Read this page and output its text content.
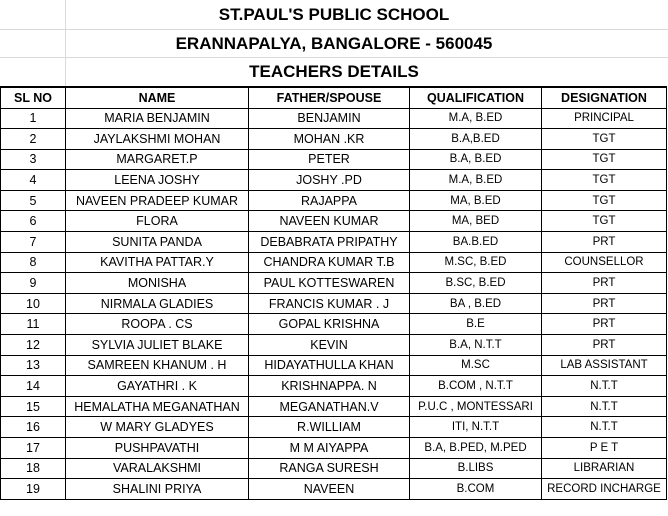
ST.PAUL'S PUBLIC SCHOOL
ERANNAPALYA, BANGALORE - 560045
TEACHERS DETAILS
SL NO	NAME	FATHER/SPOUSE	QUALIFICATION	DESIGNATION
1	MARIA BENJAMIN	BENJAMIN	M.A, B.ED	PRINCIPAL
2	JAYLAKSHMI MOHAN	MOHAN .KR	B.A,B.ED	TGT
3	MARGARET.P	PETER	B.A, B.ED	TGT
4	LEENA JOSHY	JOSHY .PD	M.A, B.ED	TGT
5	NAVEEN PRADEEP KUMAR	RAJAPPA	MA, B.ED	TGT
6	FLORA	NAVEEN KUMAR	MA, BED	TGT
7	SUNITA PANDA	DEBABRATA PRIPATHY	BA.B.ED	PRT
8	KAVITHA PATTAR.Y	CHANDRA KUMAR T.B	M.SC, B.ED	COUNSELLOR
9	MONISHA	PAUL KOTTESWAREN	B.SC, B.ED	PRT
10	NIRMALA GLADIES	FRANCIS KUMAR . J	BA , B.ED	PRT
11	ROOPA . CS	GOPAL KRISHNA	B.E	PRT
12	SYLVIA JULIET BLAKE	KEVIN	B.A, N.T.T	PRT
13	SAMREEN KHANUM . H	HIDAYATHULLA KHAN	M.SC	LAB ASSISTANT
14	GAYATHRI . K	KRISHNAPPA. N	B.COM , N.T.T	N.T.T
15	HEMALATHA MEGANATHAN	MEGANATHAN.V	P.U.C , MONTESSARI	N.T.T
16	W MARY GLADYES	R.WILLIAM	ITI, N.T.T	N.T.T
17	PUSHPAVATHI	M M AIYAPPA	B.A, B.PED, M.PED	P E T
18	VARALAKSHMI	RANGA SURESH	B.LIBS	LIBRARIAN
19	SHALINI PRIYA	NAVEEN	B.COM	RECORD INCHARGE
